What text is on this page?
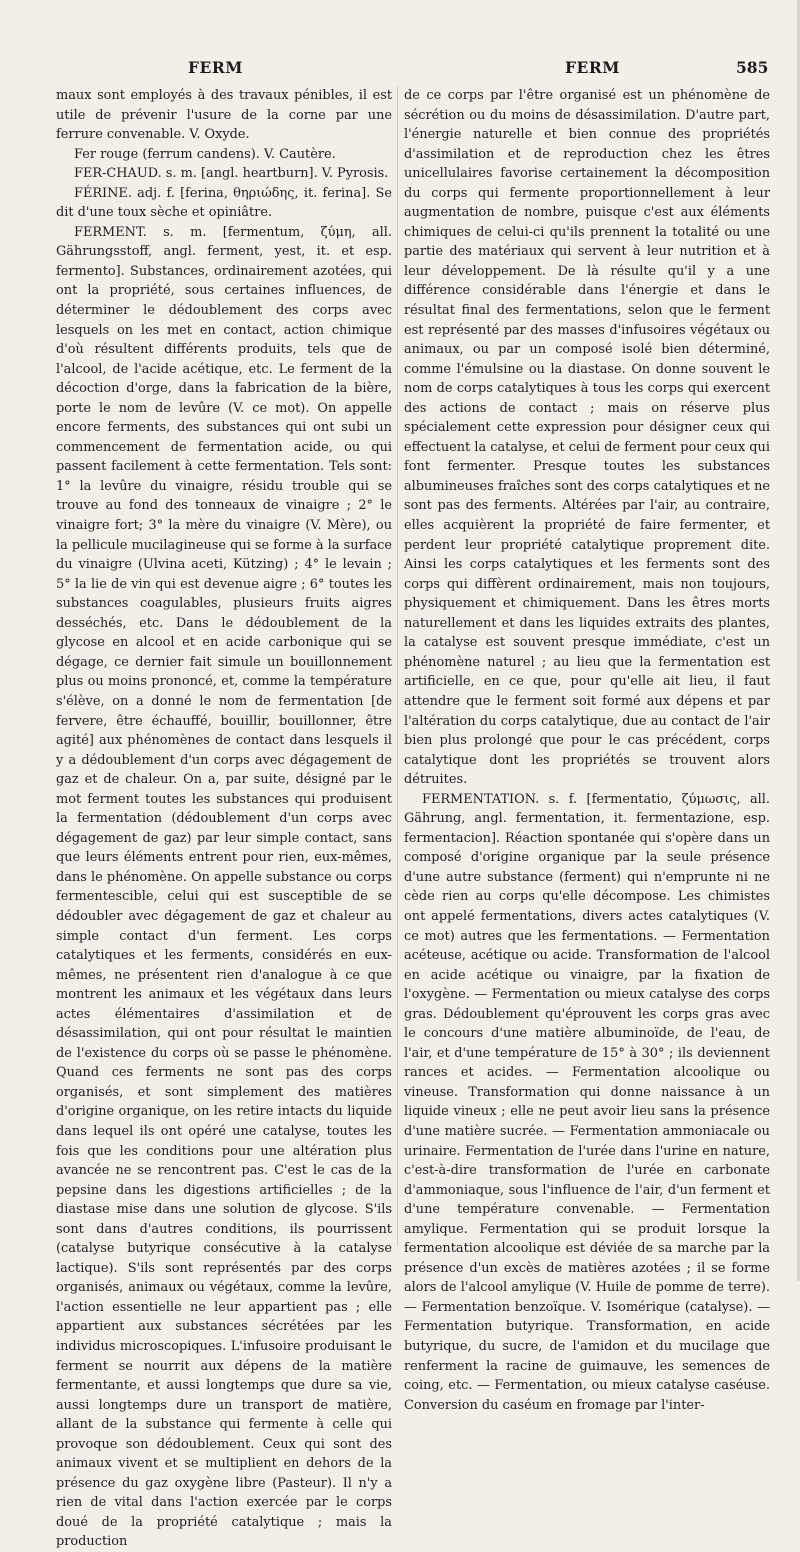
FERM	FERM	585

maux sont employés à des travaux pénibles, il est utile de prévenir l'usure de la corne par une ferrure convenable. V. Oxyde.

Fer rouge (ferrum candens). V. Cautère.

FER-CHAUD. s. m. [angl. heartburn]. V. Pyrosis.

FÉRINE. adj. f. [ferina, θηριώδης, it. ferina]. Se dit d'une toux sèche et opiniâtre.

FERMENT. s. m. [fermentum, ζύμη, all. Gährungsstoff, angl. ferment, yest, it. et esp. fermento]. Substances, ordinairement azotées, qui ont la propriété, sous certaines influences, de déterminer le dédoublement des corps avec lesquels on les met en contact, action chimique d'où résultent différents produits, tels que de l'alcool, de l'acide acétique, etc. Le ferment de la décoction d'orge, dans la fabrication de la bière, porte le nom de levûre (V. ce mot). On appelle encore ferments, des substances qui ont subi un commencement de fermentation acide, ou qui passent facilement à cette fermentation. Tels sont: 1° la levûre du vinaigre, résidu trouble qui se trouve au fond des tonneaux de vinaigre ; 2° le vinaigre fort; 3° la mère du vinaigre (V. Mère), ou la pellicule mucilagineuse qui se forme à la surface du vinaigre (Ulvina aceti, Kützing) ; 4° le levain ; 5° la lie de vin qui est devenue aigre ; 6° toutes les substances coagulables, plusieurs fruits aigres desséchés, etc. Dans le dédoublement de la glycose en alcool et en acide carbonique qui se dégage, ce dernier fait simule un bouillonnement plus ou moins prononcé, et, comme la température s'élève, on a donné le nom de fermentation [de fervere, être échauffé, bouillir, bouillonner, être agité] aux phénomènes de contact dans lesquels il y a dédoublement d'un corps avec dégagement de gaz et de chaleur. On a, par suite, désigné par le mot ferment toutes les substances qui produisent la fermentation (dédoublement d'un corps avec dégagement de gaz) par leur simple contact, sans que leurs éléments entrent pour rien, eux-mêmes, dans le phénomène. On appelle substance ou corps fermentescible, celui qui est susceptible de se dédoubler avec dégagement de gaz et chaleur au simple contact d'un ferment. Les corps catalytiques et les ferments, considérés en eux-mêmes, ne présentent rien d'analogue à ce que montrent les animaux et les végétaux dans leurs actes élémentaires d'assimilation et de désassimilation, qui ont pour résultat le maintien de l'existence du corps où se passe le phénomène. Quand ces ferments ne sont pas des corps organisés, et sont simplement des matières d'origine organique, on les retire intacts du liquide dans lequel ils ont opéré une catalyse, toutes les fois que les conditions pour une altération plus avancée ne se rencontrent pas. C'est le cas de la pepsine dans les digestions artificielles ; de la diastase mise dans une solution de glycose. S'ils sont dans d'autres conditions, ils pourrissent (catalyse butyrique consécutive à la catalyse lactique). S'ils sont représentés par des corps organisés, animaux ou végétaux, comme la levûre, l'action essentielle ne leur appartient pas ; elle appartient aux substances sécrétées par les individus microscopiques. L'infusoire produisant le ferment se nourrit aux dépens de la matière fermentante, et aussi longtemps que dure sa vie, aussi longtemps dure un transport de matière, allant de la substance qui fermente à celle qui provoque son dédoublement. Ceux qui sont des animaux vivent et se multiplient en dehors de la présence du gaz oxygène libre (Pasteur). Il n'y a rien de vital dans l'action exercée par le corps doué de la propriété catalytique ; mais la production

de ce corps par l'être organisé est un phénomène de sécrétion ou du moins de désassimilation. D'autre part, l'énergie naturelle et bien connue des propriétés d'assimilation et de reproduction chez les êtres unicellulaires favorise certainement la décomposition du corps qui fermente proportionnellement à leur augmentation de nombre, puisque c'est aux éléments chimiques de celui-ci qu'ils prennent la totalité ou une partie des matériaux qui servent à leur nutrition et à leur développement. De là résulte qu'il y a une différence considérable dans l'énergie et dans le résultat final des fermentations, selon que le ferment est représenté par des masses d'infusoires végétaux ou animaux, ou par un composé isolé bien déterminé, comme l'émulsine ou la diastase. On donne souvent le nom de corps catalytiques à tous les corps qui exercent des actions de contact ; mais on réserve plus spécialement cette expression pour désigner ceux qui effectuent la catalyse, et celui de ferment pour ceux qui font fermenter. Presque toutes les substances albumineuses fraîches sont des corps catalytiques et ne sont pas des ferments. Altérées par l'air, au contraire, elles acquièrent la propriété de faire fermenter, et perdent leur propriété catalytique proprement dite. Ainsi les corps catalytiques et les ferments sont des corps qui diffèrent ordinairement, mais non toujours, physiquement et chimiquement. Dans les êtres morts naturellement et dans les liquides extraits des plantes, la catalyse est souvent presque immédiate, c'est un phénomène naturel ; au lieu que la fermentation est artificielle, en ce que, pour qu'elle ait lieu, il faut attendre que le ferment soit formé aux dépens et par l'altération du corps catalytique, due au contact de l'air bien plus prolongé que pour le cas précédent, corps catalytique dont les propriétés se trouvent alors détruites.

FERMENTATION. s. f. [fermentatio, ζύμωσις, all. Gährung, angl. fermentation, it. fermentazione, esp. fermentacion]. Réaction spontanée qui s'opère dans un composé d'origine organique par la seule présence d'une autre substance (ferment) qui n'emprunte ni ne cède rien au corps qu'elle décompose. Les chimistes ont appelé fermentations, divers actes catalytiques (V. ce mot) autres que les fermentations. — Fermentation acéteuse, acétique ou acide. Transformation de l'alcool en acide acétique ou vinaigre, par la fixation de l'oxygène. — Fermentation ou mieux catalyse des corps gras. Dédoublement qu'éprouvent les corps gras avec le concours d'une matière albuminoïde, de l'eau, de l'air, et d'une température de 15° à 30° ; ils deviennent rances et acides. — Fermentation alcoolique ou vineuse. Transformation qui donne naissance à un liquide vineux ; elle ne peut avoir lieu sans la présence d'une matière sucrée. — Fermentation ammoniacale ou urinaire. Fermentation de l'urée dans l'urine en nature, c'est-à-dire transformation de l'urée en carbonate d'ammoniaque, sous l'influence de l'air, d'un ferment et d'une température convenable. — Fermentation amylique. Fermentation qui se produit lorsque la fermentation alcoolique est déviée de sa marche par la présence d'un excès de matières azotées ; il se forme alors de l'alcool amylique (V. Huile de pomme de terre). — Fermentation benzoïque. V. Isomérique (catalyse). — Fermentation butyrique. Transformation, en acide butyrique, du sucre, de l'amidon et du mucilage que renferment la racine de guimauve, les semences de coing, etc. — Fermentation, ou mieux catalyse caséuse. Conversion du caséum en fromage par l'inter-
